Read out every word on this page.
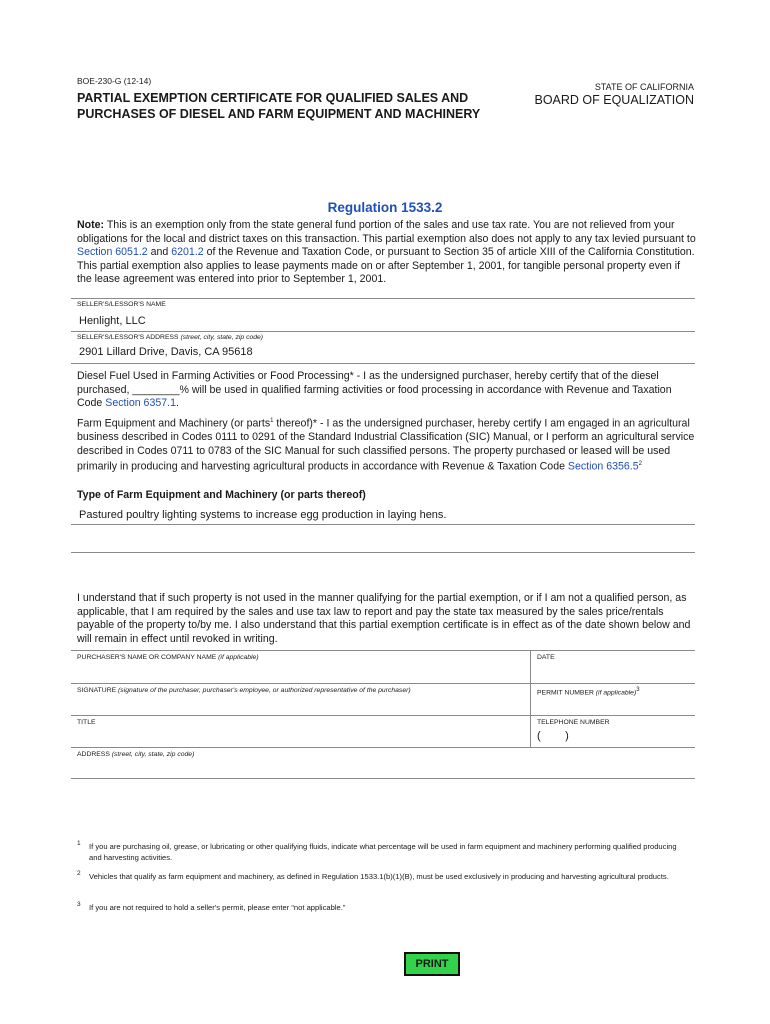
BOE-230-G (12-14)
PARTIAL EXEMPTION CERTIFICATE FOR QUALIFIED SALES AND
PURCHASES OF DIESEL AND FARM EQUIPMENT AND MACHINERY
STATE OF CALIFORNIA
BOARD OF EQUALIZATION
Regulation 1533.2
Note: This is an exemption only from the state general fund portion of the sales and use tax rate. You are not relieved from your obligations for the local and district taxes on this transaction. This partial exemption also does not apply to any tax levied pursuant to Section 6051.2 and 6201.2 of the Revenue and Taxation Code, or pursuant to Section 35 of article XIII of the California Constitution. This partial exemption also applies to lease payments made on or after September 1, 2001, for tangible personal property even if the lease agreement was entered into prior to September 1, 2001.
SELLER'S/LESSOR'S NAME
Henlight, LLC
SELLER'S/LESSOR'S ADDRESS (street, city, state, zip code)
2901 Lillard Drive, Davis, CA 95618
Diesel Fuel Used in Farming Activities or Food Processing* - I as the undersigned purchaser, hereby certify that of the diesel purchased, ________% will be used in qualified farming activities or food processing in accordance with Revenue and Taxation Code Section 6357.1.
Farm Equipment and Machinery (or parts$^1$ thereof)* - I as the undersigned purchaser, hereby certify I am engaged in an agricultural business described in Codes 0111 to 0291 of the Standard Industrial Classification (SIC) Manual, or I perform an agricultural service described in Codes 0711 to 0783 of the SIC Manual for such classified persons. The property purchased or leased will be used primarily in producing and harvesting agricultural products in accordance with Revenue & Taxation Code Section 6356.5$^2$
Type of Farm Equipment and Machinery (or parts thereof)
Pastured poultry lighting systems to increase egg production in laying hens.
I understand that if such property is not used in the manner qualifying for the partial exemption, or if I am not a qualified person, as applicable, that I am required by the sales and use tax law to report and pay the state tax measured by the sales price/rentals payable of the property to/by me. I also understand that this partial exemption certificate is in effect as of the date shown below and will remain in effect until revoked in writing.
PURCHASER'S NAME OR COMPANY NAME (if applicable)	DATE
SIGNATURE (signature of the purchaser, purchaser's employee, or authorized representative of the purchaser)	PERMIT NUMBER (if applicable)$^3$
TITLE	TELEPHONE NUMBER
(        )
ADDRESS (street, city, state, zip code)
1 If you are purchasing oil, grease, or lubricating or other qualifying fluids, indicate what percentage will be used in farm equipment and machinery performing qualified producing and harvesting activities.
2 Vehicles that qualify as farm equipment and machinery, as defined in Regulation 1533.1(b)(1)(B), must be used exclusively in producing and harvesting agricultural products.
3 If you are not required to hold a seller's permit, please enter “not applicable.”
PRINT
